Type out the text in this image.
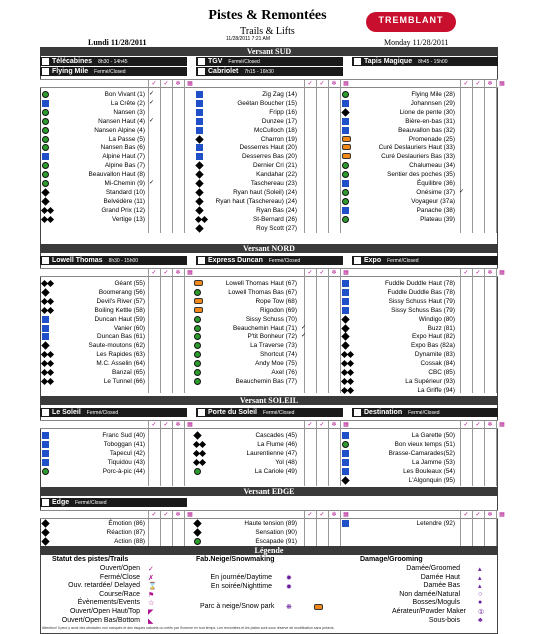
Pistes & Remontées
Trails & Lifts
Lundi 11/28/2011	11/28/2011 7:21 AM	Monday 11/28/2011
TREMBLANT
Versant SUD
Télécabines 8h30 - 14h45	TGV Fermé/Closed	Tapis Magique 8h45 - 15h00
Flying Mile Fermé/Closed	Cabriolet 7h15 - 16h30
✓	✓	❄	▦	✓	✓	❄	▦	✓	✓	❄	▦
Bon Vivant (1) ✓
La Crête (2) ✓
Nansen (3)
Nansen Haut (4) ✓
Nansen Alpine (4)
La Passe (5)
Nansen Bas (6)
Alpine Haut (7)
Alpine Bas (7)
Beauvallon Haut (8)
Mi-Chemin (9) ✓
Standard (10)
Belvédère (11)
Grand Prix (12)
Vertige (13)
Zig Zag (14)
Geétan Boucher (15)
Fripp (16)
Dunzee (17)
McCulloch (18)
Charron (19)
Desserres Haut (20)
Desserres Bas (20)
Dernier Cri (21)
Kandahar (22)
Taschereau (23)
Ryan haut (Soleil) (24)
Ryan haut (Taschereau) (24)
Ryan Bas (24)
St-Bernard (26)
Roy Scott (27)
Flying Mile (28)
Johannsen (29)
Lione de pente (30)
Bière-en-bas (31)
Beauvallon bas (32)
Promenade (25)
Curé Deslauriers Haut (33)
Curé Deslauriers Bas (33)
Chalumeau (34)
Sentier des poches (35)
Équilibre (36)
Onésime (37) ✓
Voyageur (37a)
Panache (38)
Plateau (39)
Versant NORD
Lowell Thomas 8h30 - 15h00	Express Duncan Fermé/Closed	Expo Fermé/Closed
✓	✓	❄	▦	✓	✓	❄	▦	✓	✓	❄	▦
Géant (55)
Boomerang (56)
Devil's River (57)
Boiling Kettle (58)
Duncan Haut (59)
Vanier (60)
Duncan Bas (61)
Saute-moutons (62)
Les Rapides (63)
M.C. Asselin (64)
Banzaï (65)
Le Tunnel (66)
Lowell Thomas Haut (67)
Lowell Thomas Bas (67)
Rope Tow (68)
Rigodon (69)
Sissy Schuss (70)
Beauchemin Haut (71) ✓
P'tit Bonheur (72) ✓
La Traverse (73)
Shortcut (74)
Andy Moe (75)
Axel (76)
Beauchemin Bas (77)
Fuddle Duddle Haut (78)
Fuddle Duddle Bas (78)
Sissy Schuss Haut (79)
Sissy Schuss Bas (79)
Windigo (80)
Buzz (81)
Expo Haut (82)
Expo Bas (82a)
Dynamite (83)
Cossak (84)
CBC (85)
La Supérieur (93)
La Griffe (94)
Versant SOLEIL
Le Soleil Fermé/Closed	Porte du Soleil Fermé/Closed	Destination Fermé/Closed
✓	✓	❄	▦	✓	✓	❄	▦	✓	✓	❄	▦
Franc Sud (40)
Toboggan (41)
Tapecul (42)
Tiquidou (43)
Porc-à-pic (44)
Cascades (45)
La Flume (46)
Laurentienne (47)
Yol (48)
La Cariole (49)
La Garette (50)
Bon vieux temps (51)
Brasse-Camarades(52)
La Jamme (53)
Les Bouleaux (54)
L'Algonquin (95)
Versant EDGE
Edge Fermé/Closed
✓	✓	❄	▦	✓	✓	❄	▦	✓	✓	❄	▦
Émotion (86)
Réaction (87)
Action (88)
Haute tension (89)
Sensation (90)
Escapade (91)
Letendre (92)
Légende
Statut des pistes/Trails	Fab.Neige/Snowmaking	Damage/Grooming
Ouvert/Open ✓
Fermé/Close ✗
Ouv. retardée/ Delayed ⌛
Course/Race ⚑
Évènements/Events ☆
Ouvert/Open Haut/Top ◤
Ouvert/Open Bas/Bottom ◣
En journée/Daytime ✹
En soirée/Nighttime ✹
Parc à neige/Snow park ❋
Damée/Groomed	▴
Damée Haut	▴
Damée Bas	▴
Non damée/Natural	○
Bosses/Moguls	●
Aérateur/Powder Maker ①
Sous-bois	♣
Attention! Il peut y avoir des obstacles non marqués et des risques naturels ou créés par l'homme en tout temps. Les remontées et les pistes sont sous réserve de modification sans préavis.
